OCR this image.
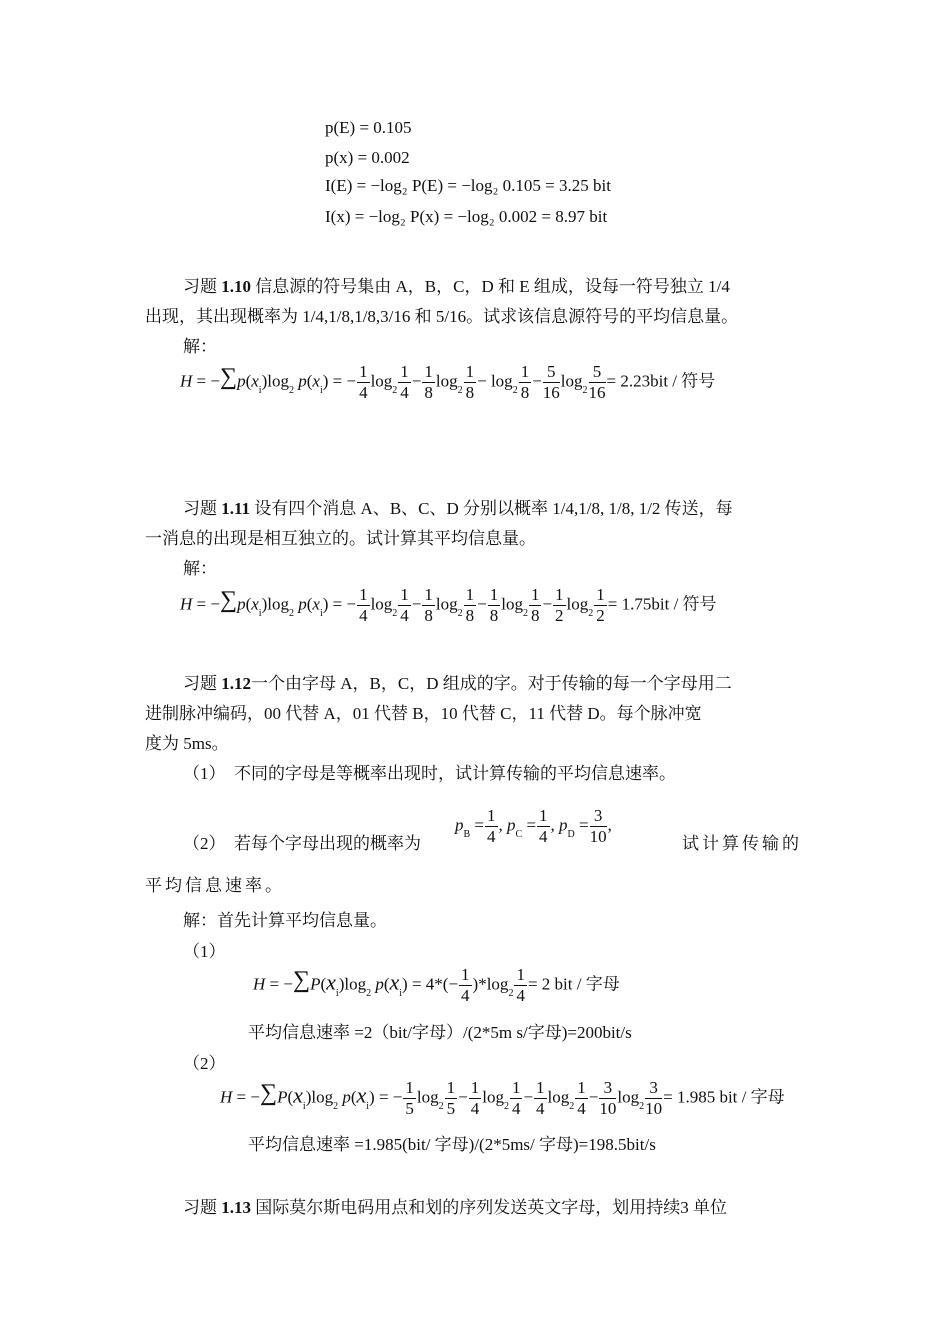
p(E) = 0.105
p(x) = 0.002
I(E) = −log₂ P(E) = −log₂ 0.105 = 3.25 bit
I(x) = −log₂ P(x) = −log₂ 0.002 = 8.97 bit
习题 1.10 信息源的符号集由 A，B，C，D 和 E 组成，设每一符号独立 1/4
出现，其出现概率为 1/4,1/8,1/8,3/16 和 5/16。试求该信息源符号的平均信息量。
解：
$H = -\sum p(x_i)\log_2$ $p(x_i)$ = − $\frac{1}{4} \log_2 \frac{1}{4} - \frac{1}{8} \log_2 \frac{1}{8} - \log_2 \frac{1}{8} - \frac{5}{16} \log_2 \frac{5}{16} = 2.23bit$ / 符号
习题 1.11 设有四个消息 A、B、C、D 分别以概率 1/4,1/8, 1/8, 1/2 传送，每
一消息的出现是相互独立的。试计算其平均信息量。
解：
$H = -\sum p(x_i)\log_2$ $p(x_i)$ = − $\frac{1}{4} \log_2 \frac{1}{4} - \frac{1}{8} \log_2 \frac{1}{8} - \frac{1}{8} \log_2 \frac{1}{8} - \frac{1}{2} \log_2 \frac{1}{2} = 1.75bit$ / 符号
习题 1.12一个由字母 A，B，C，D 组成的字。对于传输的每一个字母用二
进制脉冲编码，00 代替 A，01 代替 B，10 代替 C，11 代替 D。每个脉冲宽
度为 5ms。
（1）　不同的字母是等概率出现时，试计算传输的平均信息速率。
（2）　若每个字母出现的概率为
$p_B = \frac{1}{4}$ , $p_C = \frac{1}{4}$ , $p_D = \frac{3}{10}$ ,
试计算传输的
平均信息速率。
解：首先计算平均信息量。
（1）
$H = -\sum P(x_i)\log_2$ $p(x_i) = 4*(- \frac{1}{4} )*\log_2 \frac{1}{4} = 2$ bit / 字母
平均信息速率 =2（bit/字母）/(2*5m s/字母)=200bit/s
（2）
$H = -\sum P(x_i)\log_2$ $p(x_i)$ = − $\frac{1}{5} \log_2 \frac{1}{5} - \frac{1}{4} \log_2 \frac{1}{4} - \frac{1}{4} \log_2 \frac{1}{4} - \frac{3}{10} \log_2 \frac{3}{10} = 1.985$ bit / 字母
平均信息速率 =1.985(bit/ 字母)/(2*5ms/ 字母)=198.5bit/s
习题 1.13 国际莫尔斯电码用点和划的序列发送英文字母，划用持续3 单位
